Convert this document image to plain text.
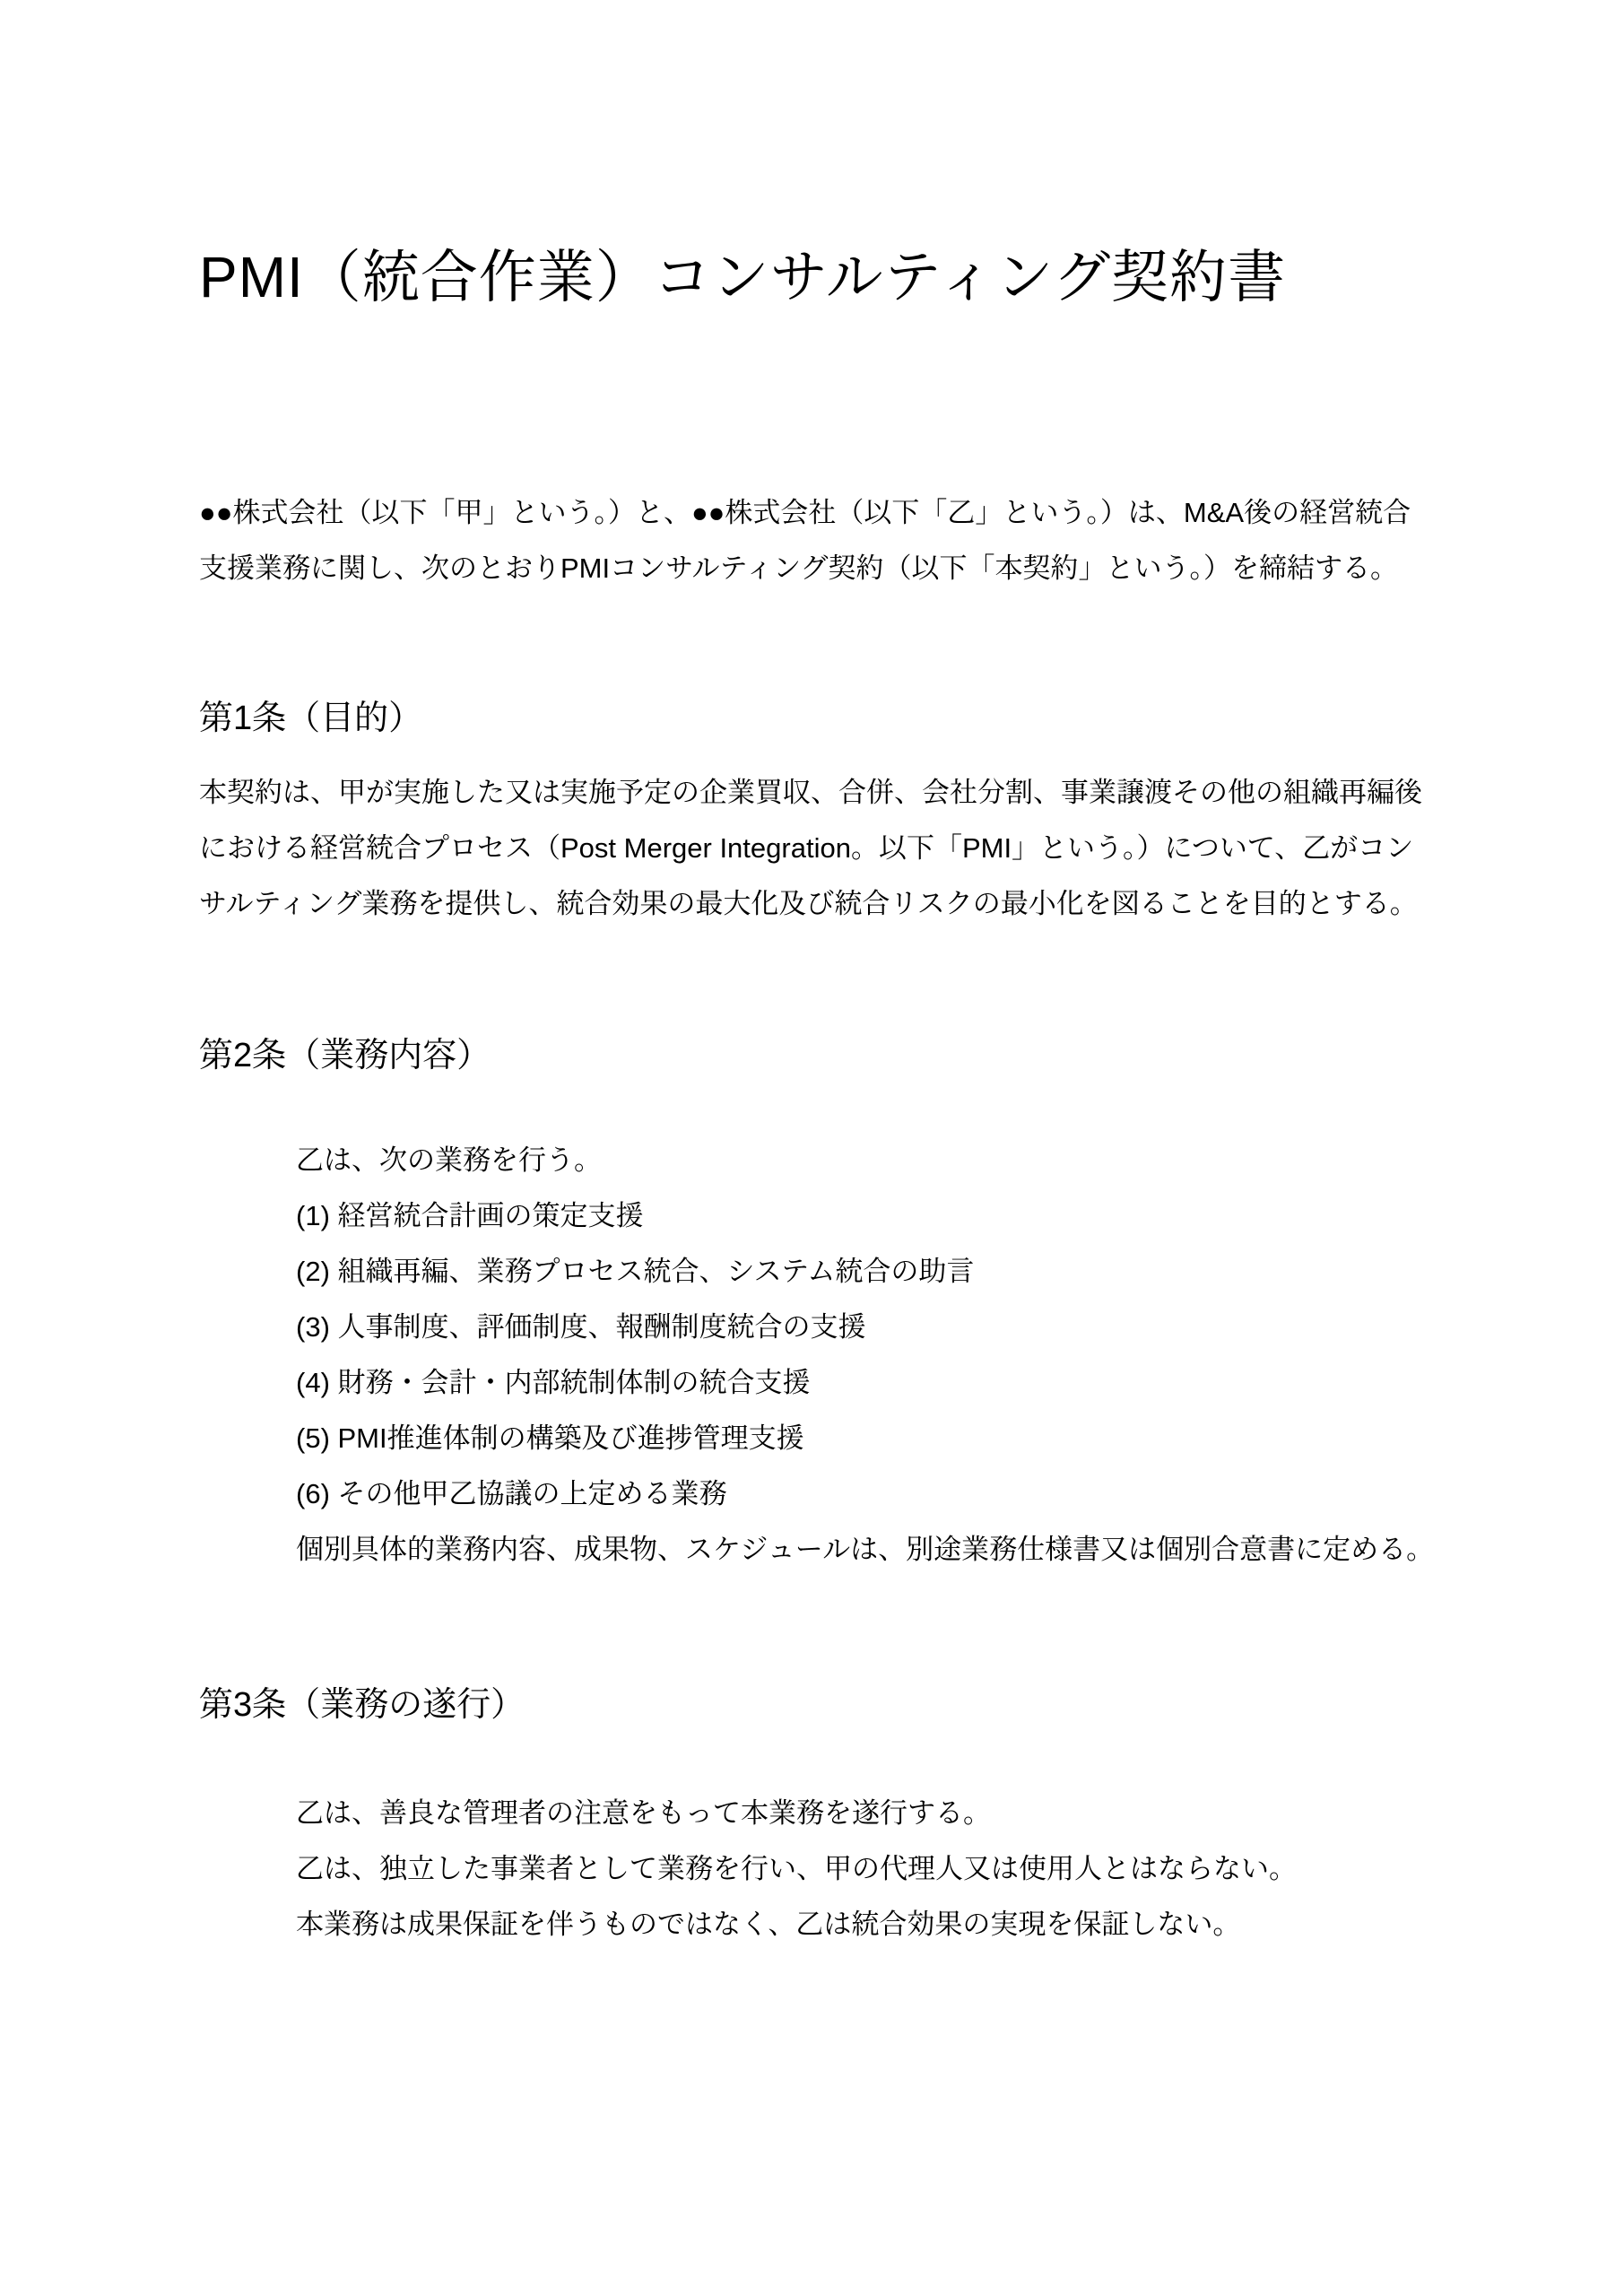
PMI（統合作業）コンサルティング契約書

●●株式会社（以下「甲」という。）と、●●株式会社（以下「乙」という。）は、M&A後の経営統合支援業務に関し、次のとおりPMIコンサルティング契約（以下「本契約」という。）を締結する。

第1条（目的）

本契約は、甲が実施した又は実施予定の企業買収、合併、会社分割、事業譲渡その他の組織再編後における経営統合プロセス（Post Merger Integration。以下「PMI」という。）について、乙がコンサルティング業務を提供し、統合効果の最大化及び統合リスクの最小化を図ることを目的とする。

第2条（業務内容）
乙は、次の業務を行う。
(1) 経営統合計画の策定支援
(2) 組織再編、業務プロセス統合、システム統合の助言
(3) 人事制度、評価制度、報酬制度統合の支援
(4) 財務・会計・内部統制体制の統合支援
(5) PMI推進体制の構築及び進捗管理支援
(6) その他甲乙協議の上定める業務
個別具体的業務内容、成果物、スケジュールは、別途業務仕様書又は個別合意書に定める。
第3条（業務の遂行）
乙は、善良な管理者の注意をもって本業務を遂行する。
乙は、独立した事業者として業務を行い、甲の代理人又は使用人とはならない。
本業務は成果保証を伴うものではなく、乙は統合効果の実現を保証しない。
